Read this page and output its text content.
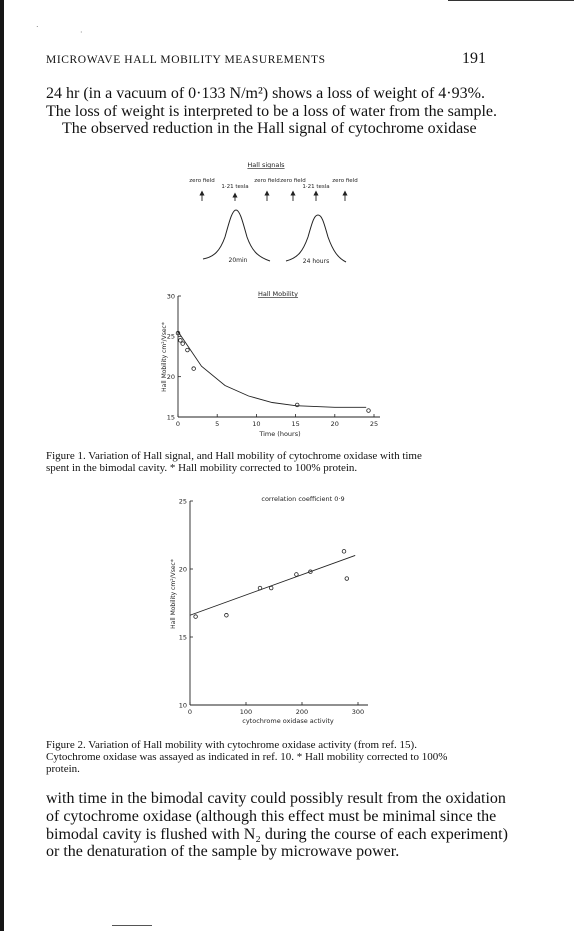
.
·
MICROWAVE HALL MOBILITY MEASUREMENTS	191

24 hr (in a vacuum of 0·133 N/m²) shows a loss of weight of 4·93%.

The loss of weight is interpreted to be a loss of water from the sample.

The observed reduction in the Hall signal of cytochrome oxidase

Hall signals
zero field
1·21 tesla
zero field zero field
1·21 tesla
zero field
20min	24 hours
Hall Mobility
Hall Mobility cm²/Vsec*
Time (hours)
0	5	10	15	20	25
15
20
25
30

Figure 1. Variation of Hall signal, and Hall mobility of cytochrome oxidase with time

spent in the bimodal cavity. * Hall mobility corrected to 100% protein.

correlation coefficient 0·9
Hall Mobility cm²/Vsec*
cytochrome oxidase activity
0	100	200	300
10
15
20
25

Figure 2. Variation of Hall mobility with cytochrome oxidase activity (from ref. 15).

Cytochrome oxidase was assayed as indicated in ref. 10. * Hall mobility corrected to 100%

protein.

with time in the bimodal cavity could possibly result from the oxidation

of cytochrome oxidase (although this effect must be minimal since the

bimodal cavity is flushed with N₂ during the course of each experiment)

or the denaturation of the sample by microwave power.
